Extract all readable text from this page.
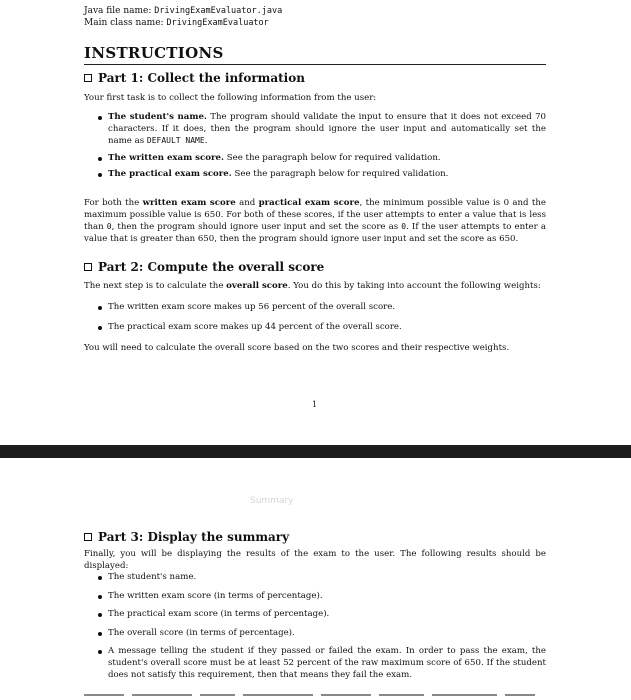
Java file name: DrivingExamEvaluator.java
Main class name: DrivingExamEvaluator
INSTRUCTIONS
Part 1: Collect the information
Your first task is to collect the following information from the user:
The student's name. The program should validate the input to ensure that it does not exceed 70 characters. If it does, then the program should ignore the user input and automatically set the name as DEFAULT NAME.
The written exam score. See the paragraph below for required validation.
The practical exam score. See the paragraph below for required validation.
For both the written exam score and practical exam score, the minimum possible value is 0 and the maximum possible value is 650. For both of these scores, if the user attempts to enter a value that is less than 0, then the program should ignore user input and set the score as 0. If the user attempts to enter a value that is greater than 650, then the program should ignore user input and set the score as 650.
Part 2: Compute the overall score
The next step is to calculate the overall score. You do this by taking into account the following weights:
The written exam score makes up 56 percent of the overall score.
The practical exam score makes up 44 percent of the overall score.
You will need to calculate the overall score based on the two scores and their respective weights.
1
Summary
Part 3: Display the summary
Finally, you will be displaying the results of the exam to the user. The following results should be displayed:
The student's name.
The written exam score (in terms of percentage).
The practical exam score (in terms of percentage).
The overall score (in terms of percentage).
A message telling the student if they passed or failed the exam. In order to pass the exam, the student's overall score must be at least 52 percent of the raw maximum score of 650. If the student does not satisfy this requirement, then that means they fail the exam.
